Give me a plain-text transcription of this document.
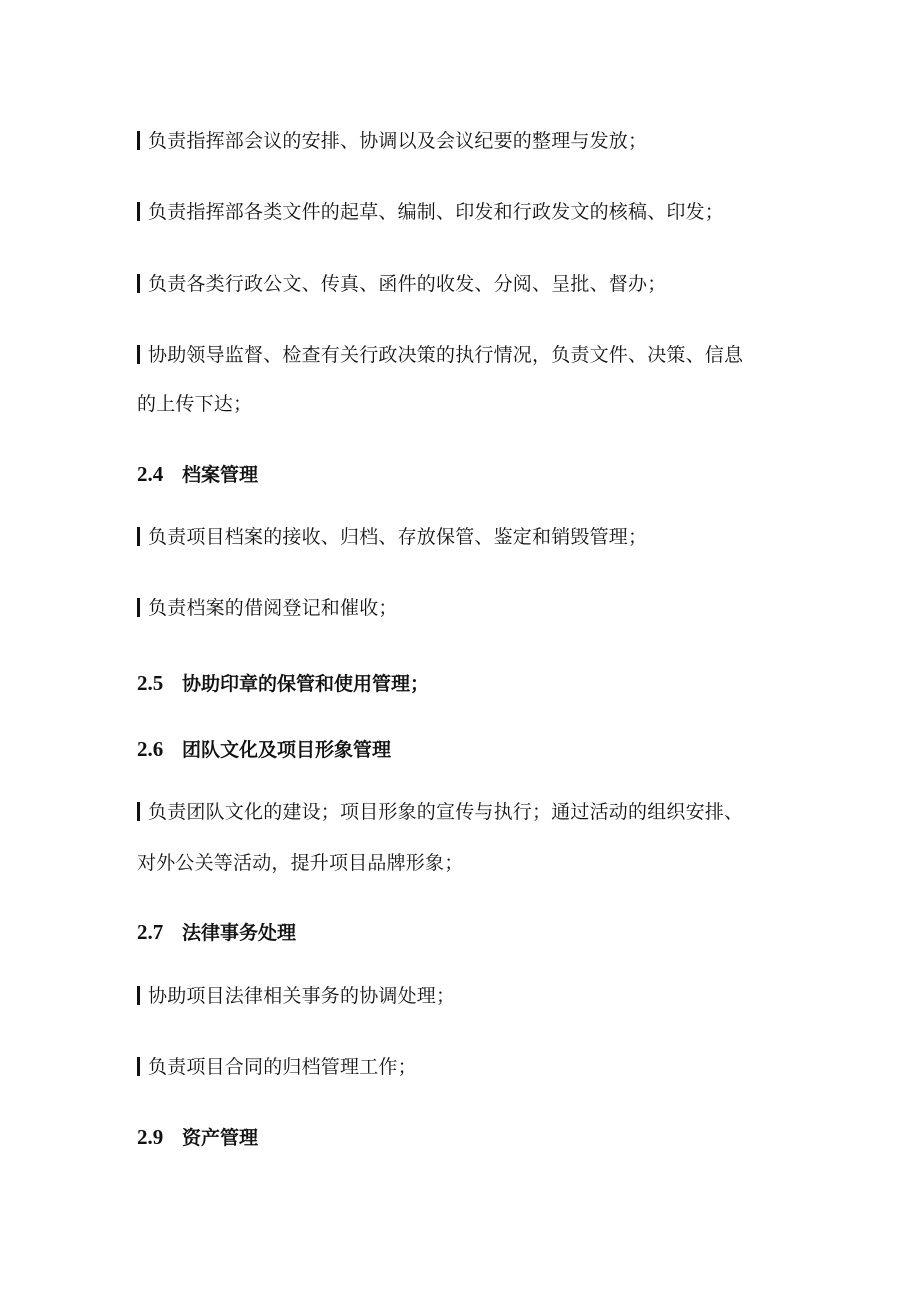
负责指挥部会议的安排、协调以及会议纪要的整理与发放；
负责指挥部各类文件的起草、编制、印发和行政发文的核稿、印发；
负责各类行政公文、传真、函件的收发、分阅、呈批、督办；
协助领导监督、检查有关行政决策的执行情况，负责文件、决策、信息
的上传下达；
2.4 档案管理
负责项目档案的接收、归档、存放保管、鉴定和销毁管理；
负责档案的借阅登记和催收；
2.5 协助印章的保管和使用管理；
2.6 团队文化及项目形象管理
负责团队文化的建设；项目形象的宣传与执行；通过活动的组织安排、
对外公关等活动，提升项目品牌形象；
2.7 法律事务处理
协助项目法律相关事务的协调处理；
负责项目合同的归档管理工作；
2.9 资产管理
